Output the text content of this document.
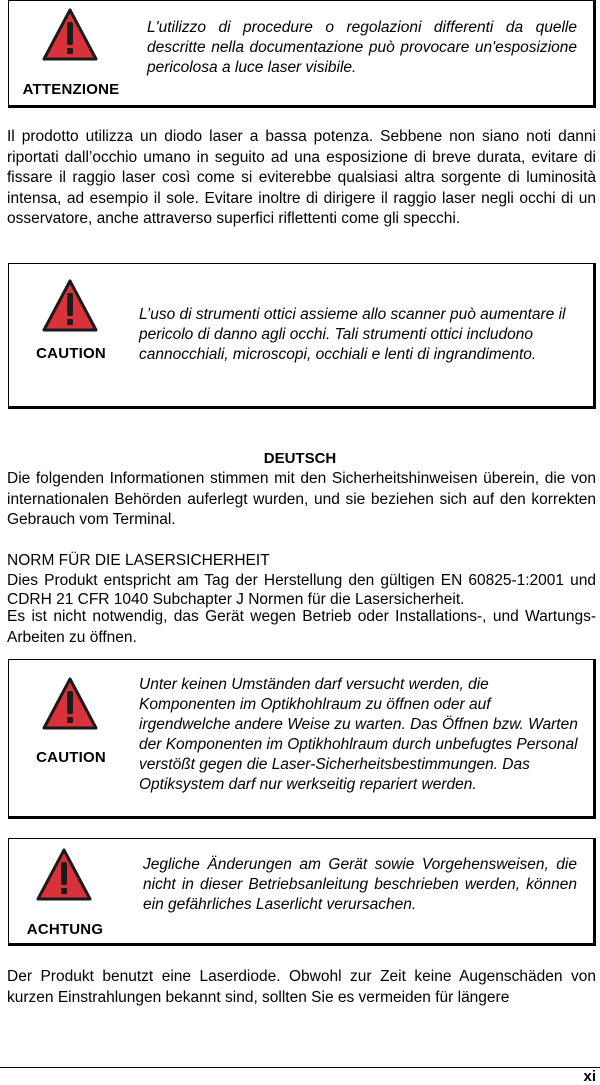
ATTENZIONE
L'utilizzo di procedure o regolazioni differenti da quelle descritte nella documentazione può provocare un'esposizione pericolosa a luce laser visibile.
Il prodotto utilizza un diodo laser a bassa potenza. Sebbene non siano noti danni riportati dall’occhio umano in seguito ad una esposizione di breve durata, evitare di fissare il raggio laser così come si eviterebbe qualsiasi altra sorgente di luminosità intensa, ad esempio il sole. Evitare inoltre di dirigere il raggio laser negli occhi di un osservatore, anche attraverso superfici riflettenti come gli specchi.
CAUTION
L’uso di strumenti ottici assieme allo scanner può aumentare il pericolo di danno agli occhi. Tali strumenti ottici includono cannocchiali, microscopi, occhiali e lenti di ingrandimento.
DEUTSCH
Die folgenden Informationen stimmen mit den Sicherheitshinweisen überein, die von internationalen Behörden auferlegt wurden, und sie beziehen sich auf den korrekten Gebrauch vom Terminal.
NORM FÜR DIE LASERSICHERHEIT
Dies Produkt entspricht am Tag der Herstellung den gültigen EN 60825-1:2001 und CDRH 21 CFR 1040 Subchapter J Normen für die Lasersicherheit.
Es ist nicht notwendig, das Gerät wegen Betrieb oder Installations-, und Wartungs-Arbeiten zu öffnen.
CAUTION
Unter keinen Umständen darf versucht werden, die Komponenten im Optikhohlraum zu öffnen oder auf irgendwelche andere Weise zu warten. Das Öffnen bzw. Warten der Komponenten im Optikhohlraum durch unbefugtes Personal verstößt gegen die Laser-Sicherheitsbestimmungen. Das Optiksystem darf nur werkseitig repariert werden.
ACHTUNG
Jegliche Änderungen am Gerät sowie Vorgehensweisen, die nicht in dieser Betriebsanleitung beschrieben werden, können ein gefährliches Laserlicht verursachen.
Der Produkt benutzt eine Laserdiode. Obwohl zur Zeit keine Augenschäden von kurzen Einstrahlungen bekannt sind, sollten Sie es vermeiden für längere
xi
